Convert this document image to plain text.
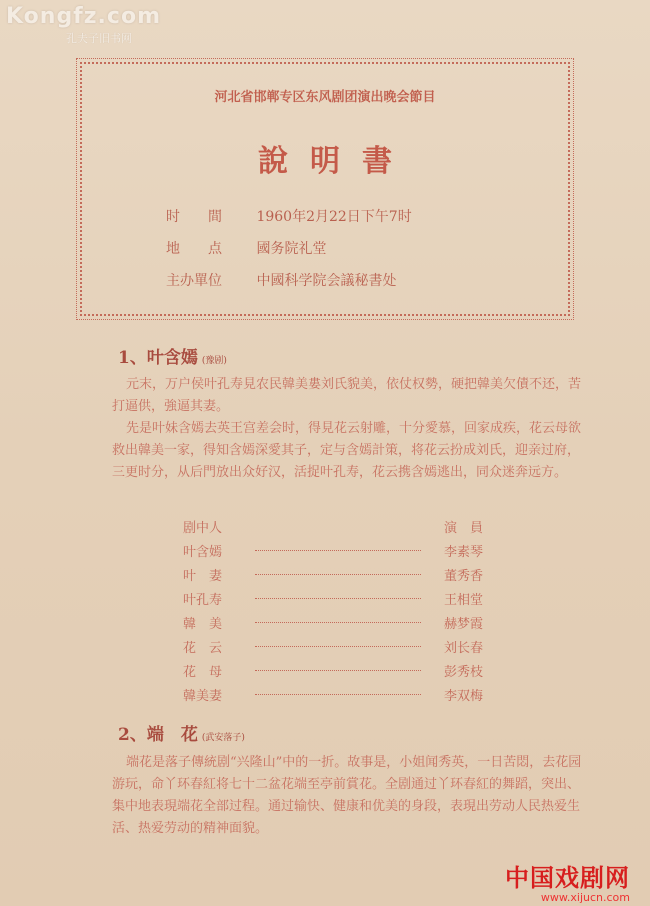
Kongfz.com
孔夫子旧书网
河北省邯郸专区东风剧团演出晚会節目
說明書
时　　間 1960年2月22日下午7时
地　　点 國务院礼堂
主办單位 中國科学院会議秘書处
1、叶含嫣 (豫剧)
元末，万户侯叶孔寿見农民韓美婁刘氏貌美，依仗权勢，硬把韓美欠債不还，苦打逼供，強逼其妻。
先是叶妹含嫣去英王宫差会时，得見花云射雕，十分愛慕，回家成疾，花云母欲救出韓美一家，得知含嫣深愛其子，定与含嫣計策，将花云扮成刘氏，迎亲过府，三更时分，从后門放出众好汉，活捉叶孔寿，花云携含嫣逃出，同众迷奔远方。
剧中人	演　員
叶含嫣	李素琴
叶　妻	董秀香
叶孔寿	王相堂
韓　美	赫梦霞
花　云	刘长春
花　母	彭秀枝
韓美妻	李双梅
2、端　花 (武安落子)
端花是落子傳統剧“兴隆山”中的一折。故事是，小姐闻秀英，一日苦悶，去花园游玩，命丫环春紅将七十二盆花端至亭前賞花。全剧通过丫环春紅的舞蹈，突出、集中地表現端花全部过程。通过输快、健康和优美的身段，表現出劳动人民热爱生活、热爱劳动的精神面貌。
中国戏剧网
www.xijucn.com
